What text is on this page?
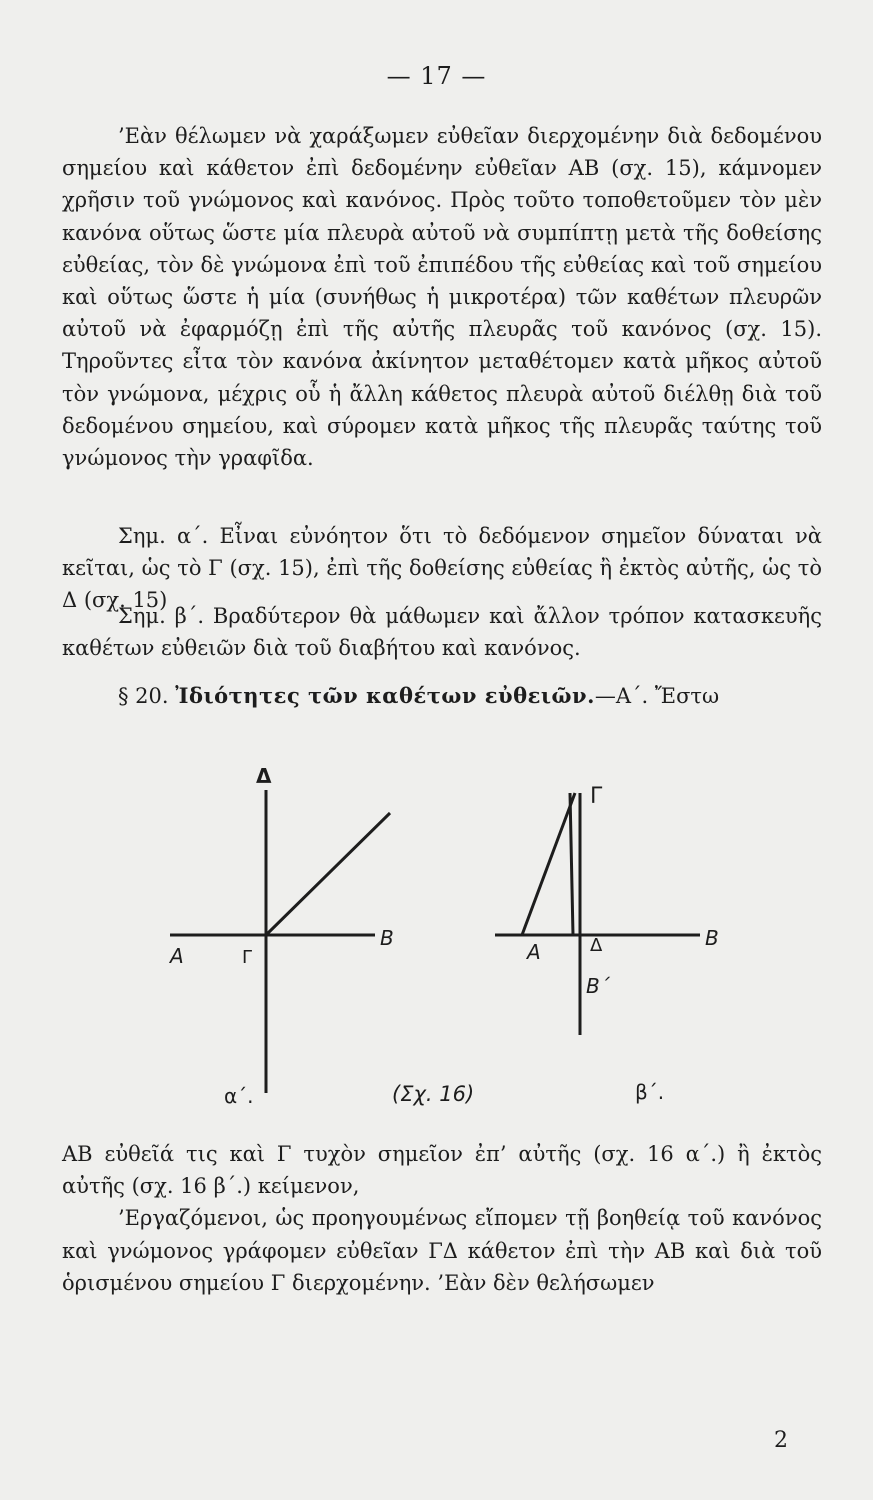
— 17 —

’Εὰν θέλωμεν νὰ χαράξωμεν εὐθεῖαν διερχομένην διὰ δεδομένου σημείου καὶ κάθετον ἐπὶ δεδομένην εὐθεῖαν ΑΒ (σχ. 15), κάμνομεν χρῆσιν τοῦ γνώμονος καὶ κανόνος. Πρὸς τοῦτο τοποθετοῦμεν τὸν μὲν κανόνα οὕτως ὥστε μία πλευρὰ αὐτοῦ νὰ συμπίπτῃ μετὰ τῆς δοθείσης εὐθείας, τὸν δὲ γνώμονα ἐπὶ τοῦ ἐπιπέδου τῆς εὐθείας καὶ τοῦ σημείου καὶ οὕτως ὥστε ἡ μία (συνήθως ἡ μικροτέρα) τῶν καθέτων πλευρῶν αὐτοῦ νὰ ἐφαρμόζῃ ἐπὶ τῆς αὐτῆς πλευρᾶς τοῦ κανόνος (σχ. 15). Τηροῦντες εἶτα τὸν κανόνα ἀκίνητον μεταθέτομεν κατὰ μῆκος αὐτοῦ τὸν γνώμονα, μέχρις οὗ ἡ ἄλλη κάθετος πλευρὰ αὐτοῦ διέλθῃ διὰ τοῦ δεδομένου σημείου, καὶ σύρομεν κατὰ μῆκος τῆς πλευρᾶς ταύτης τοῦ γνώμονος τὴν γραφῖδα.

Σημ. α΄. Εἶναι εὐνόητον ὅτι τὸ δεδόμενον σημεῖον δύναται νὰ κεῖται, ὡς τὸ Γ (σχ. 15), ἐπὶ τῆς δοθείσης εὐθείας ἢ ἐκτὸς αὐτῆς, ὡς τὸ Δ (σχ. 15)

Σημ. β΄. Βραδύτερον θὰ μάθωμεν καὶ ἄλλον τρόπον κατασκευῆς καθέτων εὐθειῶν διὰ τοῦ διαβήτου καὶ κανόνος.

§ 20. Ἰδιότητες τῶν καθέτων εὐθειῶν.—Α΄. Ἔστω

Δ
A	Γ
B
α΄.
Γ
A	Δ	B
B΄
β΄.
(Σχ. 16)

ΑΒ εὐθεῖά τις καὶ Γ τυχὸν σημεῖον ἐπ’ αὐτῆς (σχ. 16 α΄.) ἢ ἐκτὸς αὐτῆς (σχ. 16 β΄.) κείμενον,

’Εργαζόμενοι, ὡς προηγουμένως εἴπομεν τῇ βοηθείᾳ τοῦ κανόνος καὶ γνώμονος γράφομεν εὐθεῖαν ΓΔ κάθετον ἐπὶ τὴν ΑΒ καὶ διὰ τοῦ ὁρισμένου σημείου Γ διερχομένην. ’Εὰν δὲν θελήσωμεν

2
